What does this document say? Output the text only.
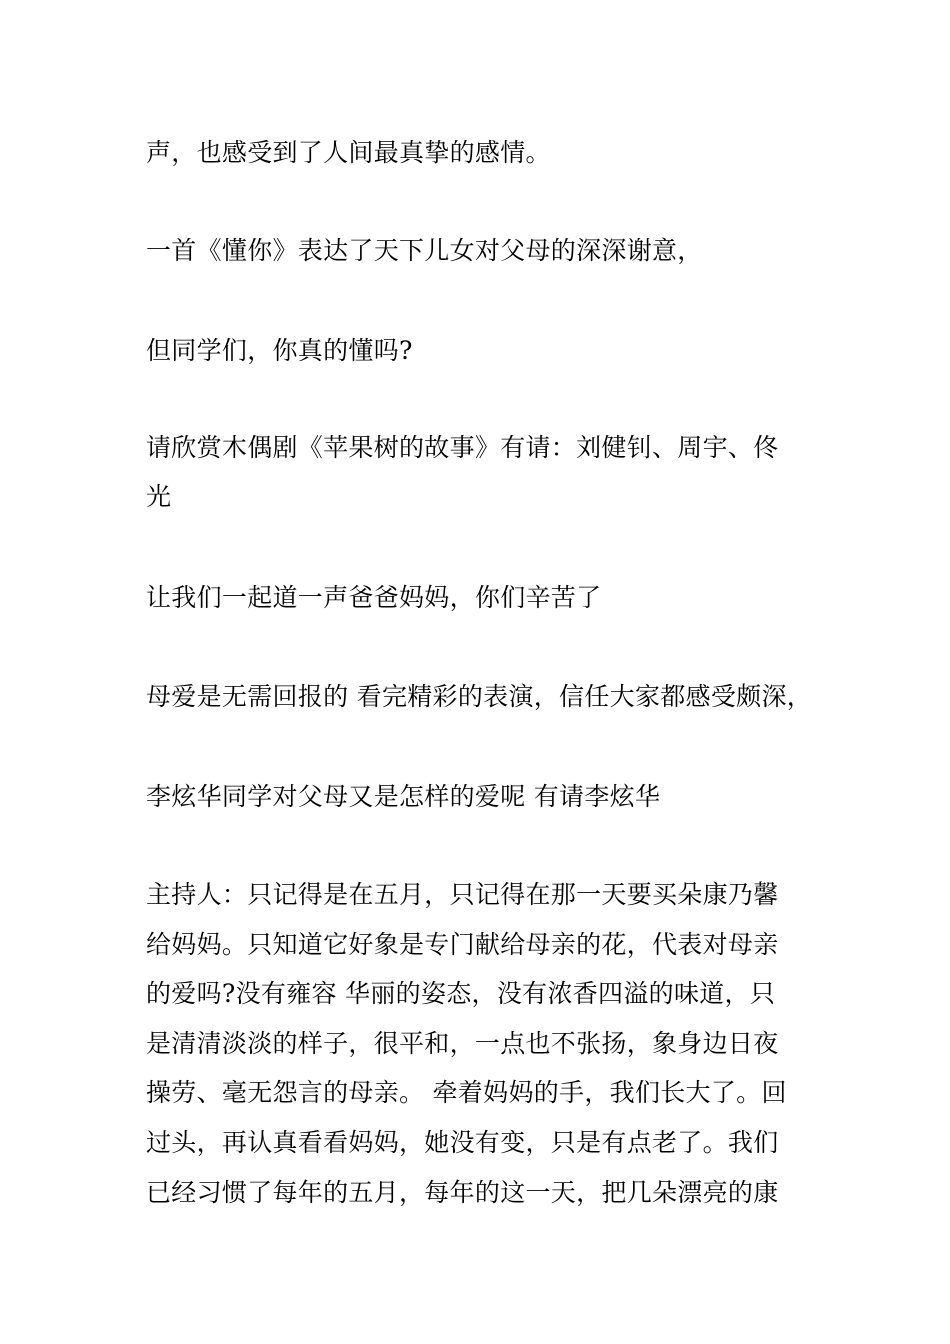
声，也感受到了人间最真挚的感情。
一首《懂你》表达了天下儿女对父母的深深谢意，
但同学们，你真的懂吗?
请欣赏木偶剧《苹果树的故事》有请：刘健钊、周宇、佟
光
让我们一起道一声爸爸妈妈，你们辛苦了
母爱是无需回报的 看完精彩的表演，信任大家都感受颇深，
李炫华同学对父母又是怎样的爱呢 有请李炫华
主持人：只记得是在五月，只记得在那一天要买朵康乃馨
给妈妈。只知道它好象是专门献给母亲的花，代表对母亲
的爱吗?没有雍容 华丽的姿态，没有浓香四溢的味道，只
是清清淡淡的样子，很平和，一点也不张扬，象身边日夜
操劳、毫无怨言的母亲。 牵着妈妈的手，我们长大了。回
过头，再认真看看妈妈，她没有变，只是有点老了。我们
已经习惯了每年的五月，每年的这一天，把几朵漂亮的康
